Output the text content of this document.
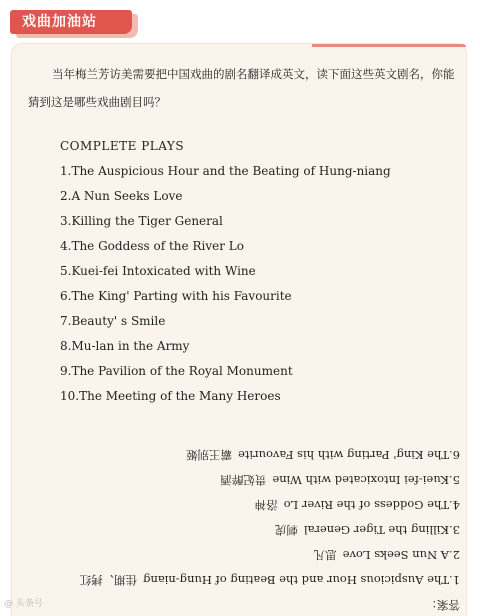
戏曲加油站
当年梅兰芳访美需要把中国戏曲的剧名翻译成英文，读下面这些英文剧名，你能猜到这是哪些戏曲剧目吗？
COMPLETE PLAYS
1.The Auspicious Hour and the Beating of Hung-niang
2.A Nun Seeks Love
3.Killing the Tiger General
4.The Goddess of the River Lo
5.Kuei-fei Intoxicated with Wine
6.The King' Parting with his Favourite
7.Beauty' s Smile
8.Mu-lan in the Army
9.The Pavilion of the Royal Monument
10.The Meeting of the Many Heroes
答案：
1.The Auspicious Hour and the Beating of Hung-niang佳期、拷红
2.A Nun Seeks Love思凡
3.Killing the Tiger General刺虎
4.The Goddess of the River Lo洛神
5.Kuei-fei Intoxicated with Wine贵妃醉酒
6.The King' Parting with his Favourite霸王别姬
@ 头条号
